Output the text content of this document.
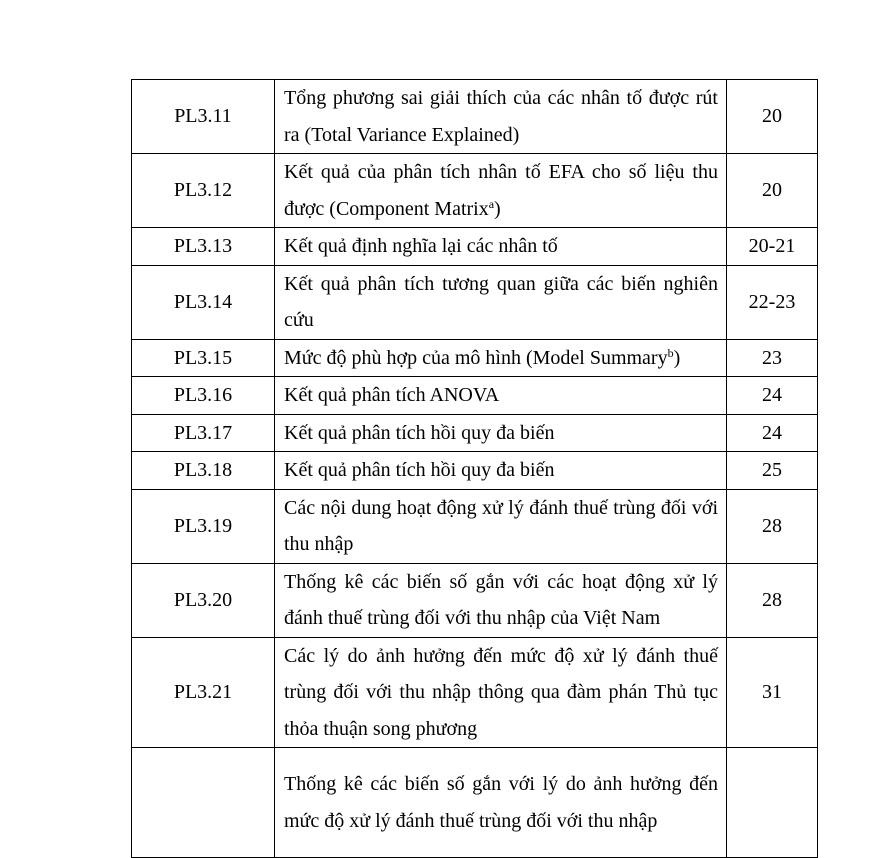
PL3.11	Tổng phương sai giải thích của các nhân tố được rút ra (Total Variance Explained)	20
PL3.12	Kết quả của phân tích nhân tố EFA cho số liệu thu được (Component Matrix$^a$)	20
PL3.13	Kết quả định nghĩa lại các nhân tố	20-21
PL3.14	Kết quả phân tích tương quan giữa các biến nghiên cứu	22-23
PL3.15	Mức độ phù hợp của mô hình (Model Summary$^b$)	23
PL3.16	Kết quả phân tích ANOVA	24
PL3.17	Kết quả phân tích hồi quy đa biến	24
PL3.18	Kết quả phân tích hồi quy đa biến	25
PL3.19	Các nội dung hoạt động xử lý đánh thuế trùng đối với thu nhập	28
PL3.20	Thống kê các biến số gắn với các hoạt động xử lý đánh thuế trùng đối với thu nhập của Việt Nam	28
PL3.21	Các lý do ảnh hưởng đến mức độ xử lý đánh thuế trùng đối với thu nhập thông qua đàm phán Thủ tục thỏa thuận song phương	31
	Thống kê các biến số gắn với lý do ảnh hưởng đến mức độ xử lý đánh thuế trùng đối với thu nhập	
